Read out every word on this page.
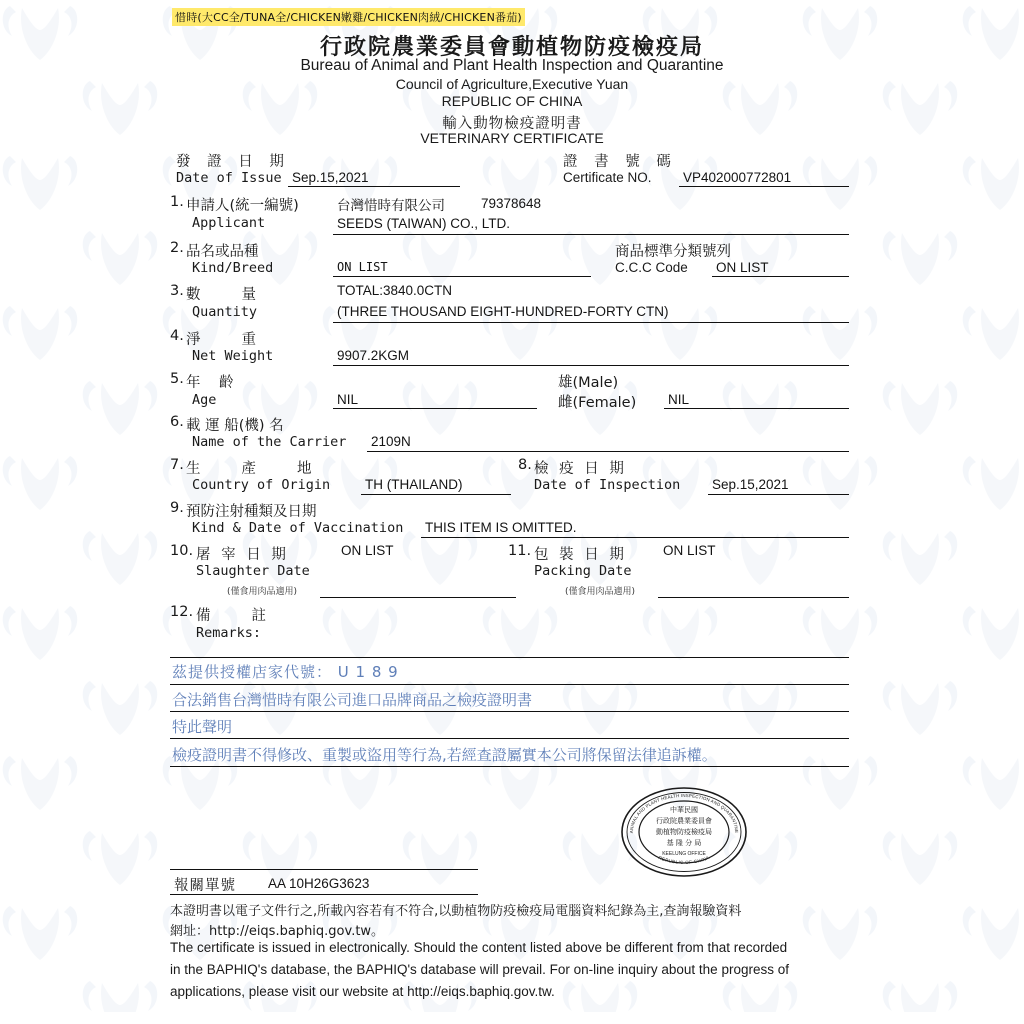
惜時(大CC全/TUNA全/CHICKEN嫩雞/CHICKEN肉絨/CHICKEN番茄)
行政院農業委員會動植物防疫檢疫局
Bureau of Animal and Plant Health Inspection and Quarantine
Council of Agriculture,Executive Yuan
REPUBLIC OF CHINA
輸入動物檢疫證明書
VETERINARY CERTIFICATE
發 證 日 期
Date of Issue Sep.15,2021
證 書 號 碼
Certificate NO. VP402000772801
1. 申請人(統一編號)
Applicant
台灣惜時有限公司	79378648
SEEDS (TAIWAN) CO., LTD.
2. 品名或品種
Kind/Breed	ON LIST
商品標準分類號列
C.C.C Code ON LIST
3. 數　　量
Quantity
TOTAL:3840.0CTN
(THREE THOUSAND EIGHT-HUNDRED-FORTY CTN)
4. 淨　　重
Net Weight	9907.2KGM
5. 年　齡
Age	NIL
雄(Male)
雌(Female) NIL
6. 載 運 船(機) 名
Name of the Carrier 2109N
7. 生　　產　　地
Country of Origin	TH (THAILAND)
8. 檢 疫 日 期
Date of Inspection Sep.15,2021
9. 預防注射種類及日期
Kind & Date of Vaccination THIS ITEM IS OMITTED.
10. 屠 宰 日 期
Slaughter Date
ON LIST
(僅食用肉品適用)
11. 包 裝 日 期
Packing Date
ON LIST
(僅食用肉品適用)
12. 備　　註
Remarks:
茲提供授權店家代號： U 1 8 9
合法銷售台灣惜時有限公司進口品牌商品之檢疫證明書
特此聲明
檢疫證明書不得修改、重製或盜用等行為,若經查證屬實本公司將保留法律追訴權。
ANIMAL AND PLANT HEALTH INSPECTION AND QUARANTINE
REPUBLIC OF CHINA
中華民國
行政院農業委員會
動植物防疫檢疫局
基 隆 分 局
KEELUNG OFFICE
報關單號 AA 10H26G3623
本證明書以電子文件行之,所載內容若有不符合,以動植物防疫檢疫局電腦資料紀錄為主,查詢報驗資料
網址：http://eiqs.baphiq.gov.tw。
The certificate is issued in electronically. Should the content listed above be different from that recorded
in the BAPHIQ's database, the BAPHIQ's database will prevail. For on-line inquiry about the progress of
applications, please visit our website at http://eiqs.baphiq.gov.tw.
